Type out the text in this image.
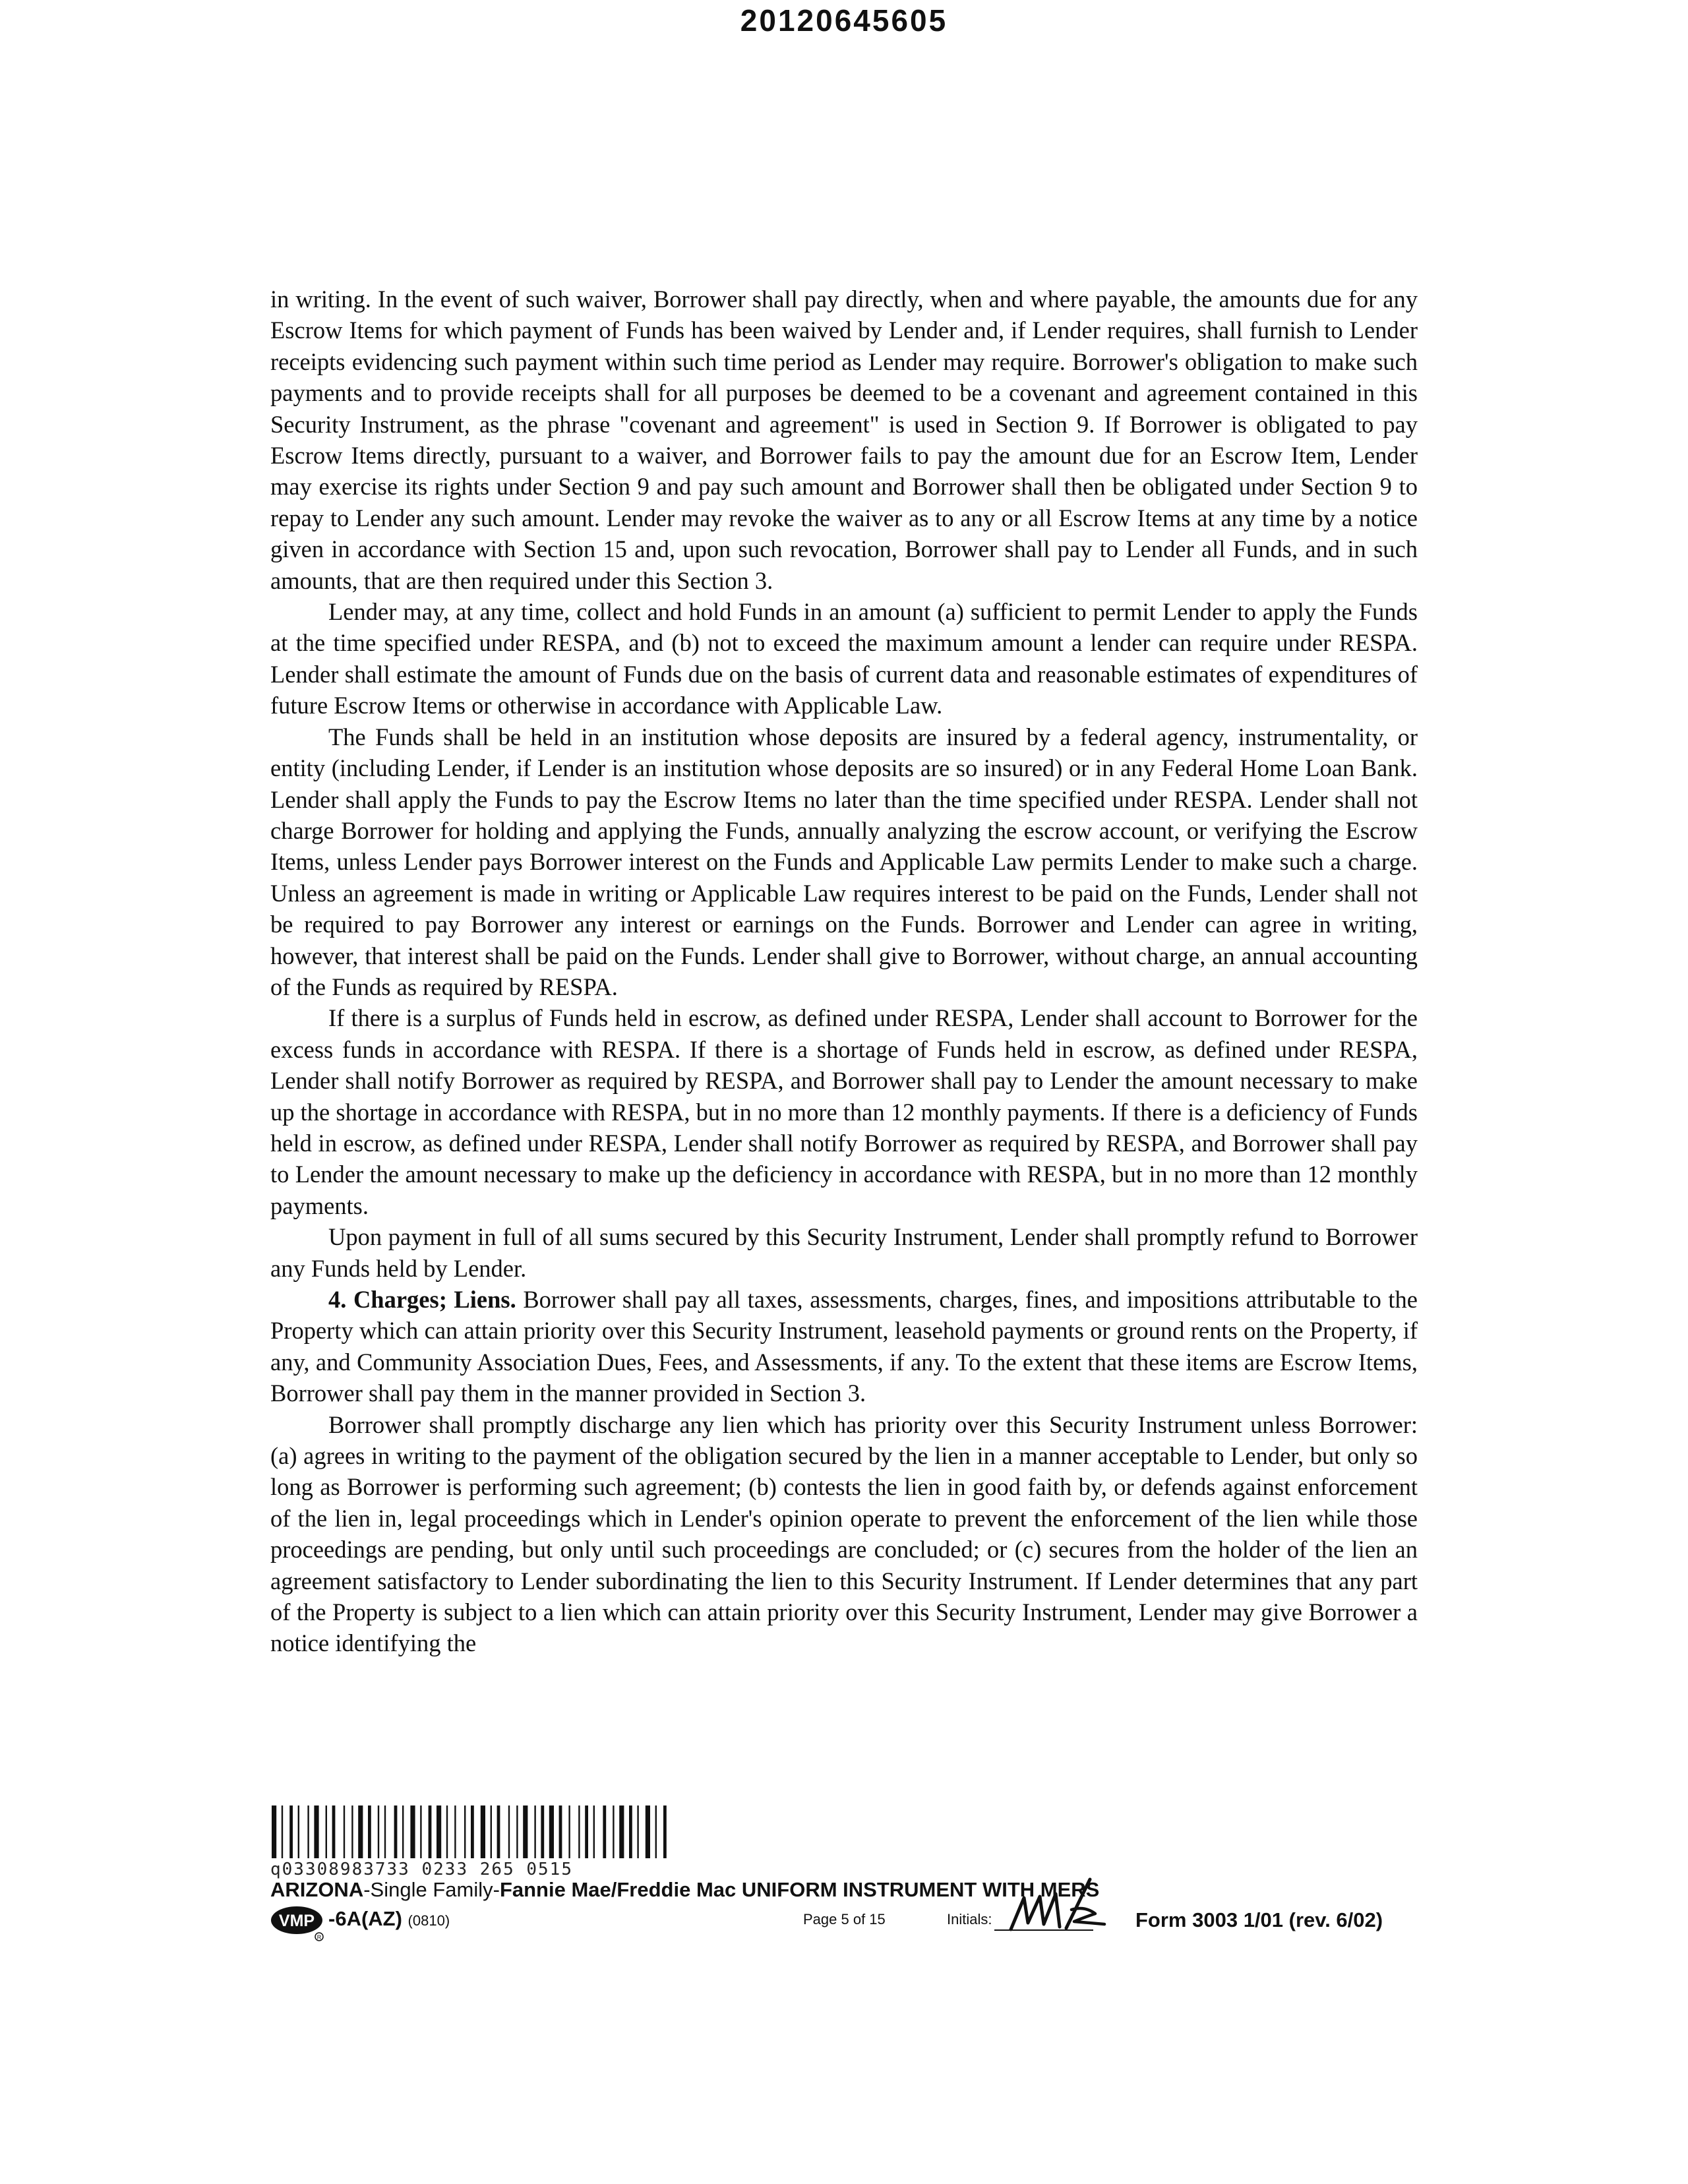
20120645605

in writing. In the event of such waiver, Borrower shall pay directly, when and where payable, the amounts due for any Escrow Items for which payment of Funds has been waived by Lender and, if Lender requires, shall furnish to Lender receipts evidencing such payment within such time period as Lender may require. Borrower's obligation to make such payments and to provide receipts shall for all purposes be deemed to be a covenant and agreement contained in this Security Instrument, as the phrase "covenant and agreement" is used in Section 9. If Borrower is obligated to pay Escrow Items directly, pursuant to a waiver, and Borrower fails to pay the amount due for an Escrow Item, Lender may exercise its rights under Section 9 and pay such amount and Borrower shall then be obligated under Section 9 to repay to Lender any such amount. Lender may revoke the waiver as to any or all Escrow Items at any time by a notice given in accordance with Section 15 and, upon such revocation, Borrower shall pay to Lender all Funds, and in such amounts, that are then required under this Section 3.

Lender may, at any time, collect and hold Funds in an amount (a) sufficient to permit Lender to apply the Funds at the time specified under RESPA, and (b) not to exceed the maximum amount a lender can require under RESPA. Lender shall estimate the amount of Funds due on the basis of current data and reasonable estimates of expenditures of future Escrow Items or otherwise in accordance with Applicable Law.

The Funds shall be held in an institution whose deposits are insured by a federal agency, instrumentality, or entity (including Lender, if Lender is an institution whose deposits are so insured) or in any Federal Home Loan Bank. Lender shall apply the Funds to pay the Escrow Items no later than the time specified under RESPA. Lender shall not charge Borrower for holding and applying the Funds, annually analyzing the escrow account, or verifying the Escrow Items, unless Lender pays Borrower interest on the Funds and Applicable Law permits Lender to make such a charge. Unless an agreement is made in writing or Applicable Law requires interest to be paid on the Funds, Lender shall not be required to pay Borrower any interest or earnings on the Funds. Borrower and Lender can agree in writing, however, that interest shall be paid on the Funds. Lender shall give to Borrower, without charge, an annual accounting of the Funds as required by RESPA.

If there is a surplus of Funds held in escrow, as defined under RESPA, Lender shall account to Borrower for the excess funds in accordance with RESPA. If there is a shortage of Funds held in escrow, as defined under RESPA, Lender shall notify Borrower as required by RESPA, and Borrower shall pay to Lender the amount necessary to make up the shortage in accordance with RESPA, but in no more than 12 monthly payments. If there is a deficiency of Funds held in escrow, as defined under RESPA, Lender shall notify Borrower as required by RESPA, and Borrower shall pay to Lender the amount necessary to make up the deficiency in accordance with RESPA, but in no more than 12 monthly payments.

Upon payment in full of all sums secured by this Security Instrument, Lender shall promptly refund to Borrower any Funds held by Lender.

4. Charges; Liens. Borrower shall pay all taxes, assessments, charges, fines, and impositions attributable to the Property which can attain priority over this Security Instrument, leasehold payments or ground rents on the Property, if any, and Community Association Dues, Fees, and Assessments, if any. To the extent that these items are Escrow Items, Borrower shall pay them in the manner provided in Section 3.

Borrower shall promptly discharge any lien which has priority over this Security Instrument unless Borrower: (a) agrees in writing to the payment of the obligation secured by the lien in a manner acceptable to Lender, but only so long as Borrower is performing such agreement; (b) contests the lien in good faith by, or defends against enforcement of the lien in, legal proceedings which in Lender's opinion operate to prevent the enforcement of the lien while those proceedings are pending, but only until such proceedings are concluded; or (c) secures from the holder of the lien an agreement satisfactory to Lender subordinating the lien to this Security Instrument. If Lender determines that any part of the Property is subject to a lien which can attain priority over this Security Instrument, Lender may give Borrower a notice identifying the

q03308983733 0233 265 0515
ARIZONA-Single Family-Fannie Mae/Freddie Mac UNIFORM INSTRUMENT WITH MERS
VMP
R
-6A(AZ) (0810)	Page 5 of 15	Initials:	Form 3003 1/01 (rev. 6/02)
